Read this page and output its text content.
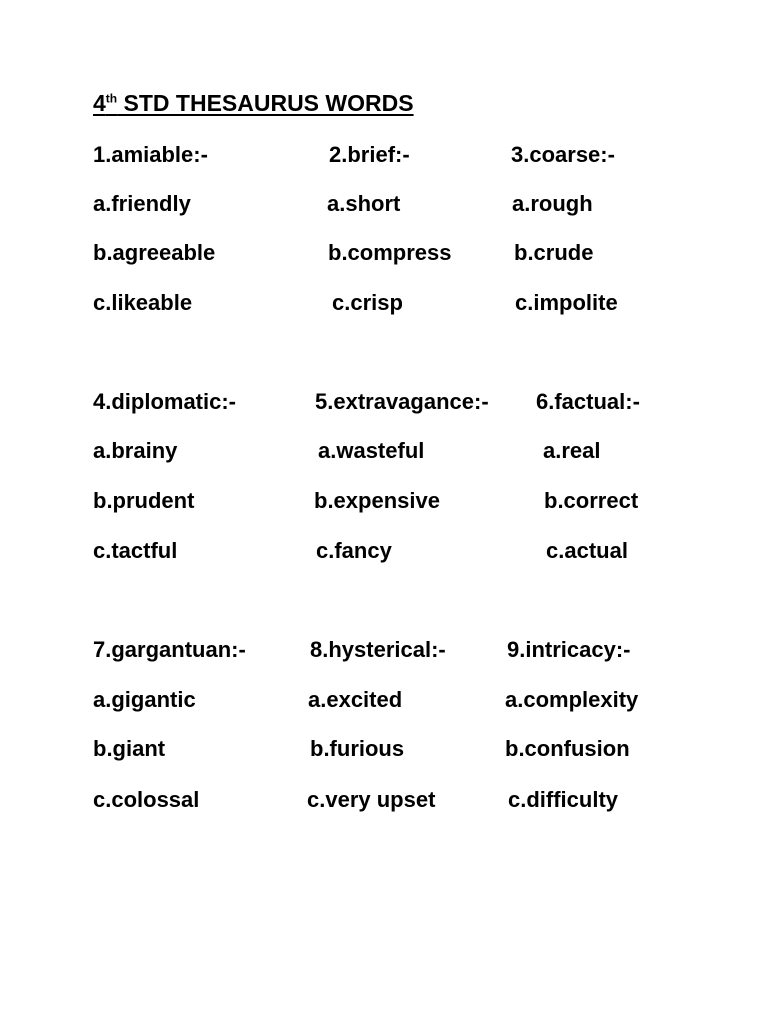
4th STD THESAURUS WORDS
1.amiable:-	2.brief:-	3.coarse:-
a.friendly	a.short	a.rough
b.agreeable	b.compress	b.crude
c.likeable	c.crisp	c.impolite
4.diplomatic:-	5.extravagance:- 6.factual:-
a.brainy	a.wasteful	a.real
b.prudent	b.expensive	b.correct
c.tactful	c.fancy	c.actual
7.gargantuan:-	8.hysterical:-	9.intricacy:-
a.gigantic	a.excited	a.complexity
b.giant	b.furious	b.confusion
c.colossal	c.very upset	c.difficulty
